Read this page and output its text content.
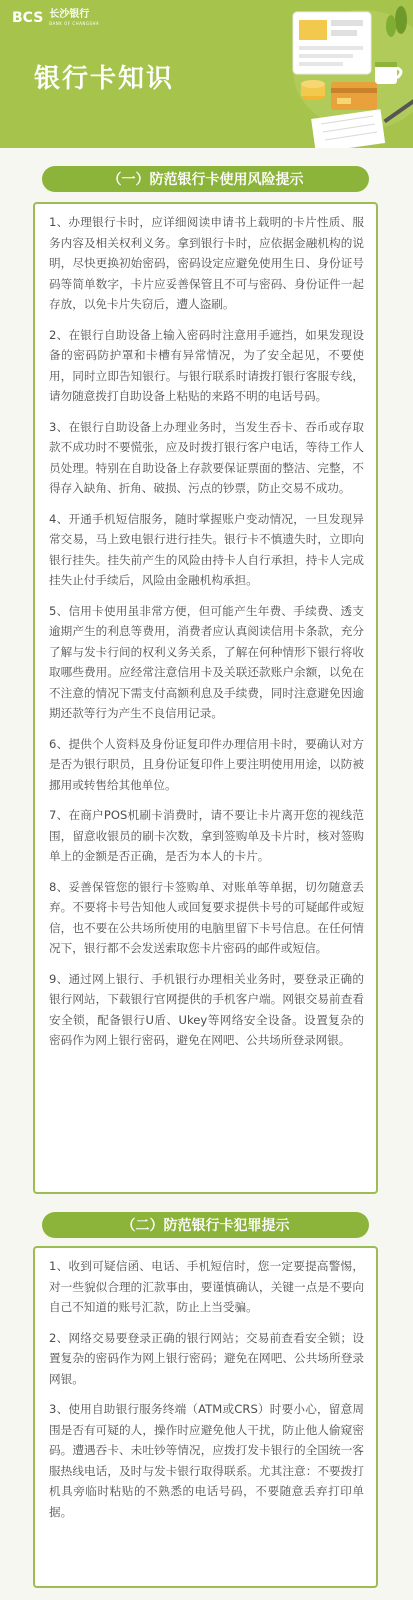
BCS 长沙银行
BANK OF CHANGSHA
银行卡知识
（一）防范银行卡使用风险提示

1、办理银行卡时，应详细阅读申请书上载明的卡片性质、服务内容及相关权利义务。拿到银行卡时，应依据金融机构的说明，尽快更换初始密码，密码设定应避免使用生日、身份证号码等简单数字，卡片应妥善保管且不可与密码、身份证件一起存放，以免卡片失窃后，遭人盗刷。

2、在银行自助设备上输入密码时注意用手遮挡，如果发现设备的密码防护罩和卡槽有异常情况，为了安全起见，不要使用，同时立即告知银行。与银行联系时请拨打银行客服专线，请勿随意拨打自助设备上粘贴的来路不明的电话号码。

3、在银行自助设备上办理业务时，当发生吞卡、吞币或存取款不成功时不要慌张，应及时拨打银行客户电话，等待工作人员处理。特别在自助设备上存款要保证票面的整洁、完整，不得存入缺角、折角、破损、污点的钞票，防止交易不成功。

4、开通手机短信服务，随时掌握账户变动情况，一旦发现异常交易，马上致电银行进行挂失。银行卡不慎遗失时，立即向银行挂失。挂失前产生的风险由持卡人自行承担，持卡人完成挂失止付手续后，风险由金融机构承担。

5、信用卡使用虽非常方便，但可能产生年费、手续费、透支逾期产生的利息等费用，消费者应认真阅读信用卡条款，充分了解与发卡行间的权利义务关系，了解在何种情形下银行将收取哪些费用。应经常注意信用卡及关联还款账户余额，以免在不注意的情况下需支付高额利息及手续费，同时注意避免因逾期还款等行为产生不良信用记录。

6、提供个人资料及身份证复印件办理信用卡时，要确认对方是否为银行职员，且身份证复印件上要注明使用用途，以防被挪用或转售给其他单位。

7、在商户POS机刷卡消费时，请不要让卡片离开您的视线范围，留意收银员的刷卡次数，拿到签购单及卡片时，核对签购单上的金额是否正确，是否为本人的卡片。

8、妥善保管您的银行卡签购单、对账单等单据，切勿随意丢弃。不要将卡号告知他人或回复要求提供卡号的可疑邮件或短信，也不要在公共场所使用的电脑里留下卡号信息。在任何情况下，银行都不会发送索取您卡片密码的邮件或短信。

9、通过网上银行、手机银行办理相关业务时，要登录正确的银行网站，下载银行官网提供的手机客户端。网银交易前查看安全锁，配备银行U盾、Ukey等网络安全设备。设置复杂的密码作为网上银行密码，避免在网吧、公共场所登录网银。

（二）防范银行卡犯罪提示

1、收到可疑信函、电话、手机短信时，您一定要提高警惕，对一些貌似合理的汇款事由，要谨慎确认，关键一点是不要向自己不知道的账号汇款，防止上当受骗。

2、网络交易要登录正确的银行网站；交易前查看安全锁；设置复杂的密码作为网上银行密码；避免在网吧、公共场所登录网银。

3、使用自助银行服务终端（ATM或CRS）时要小心，留意周围是否有可疑的人，操作时应避免他人干扰，防止他人偷窥密码。遭遇吞卡、未吐钞等情况，应拨打发卡银行的全国统一客服热线电话，及时与发卡银行取得联系。尤其注意：不要拨打机具旁临时粘贴的不熟悉的电话号码，不要随意丢弃打印单据。
